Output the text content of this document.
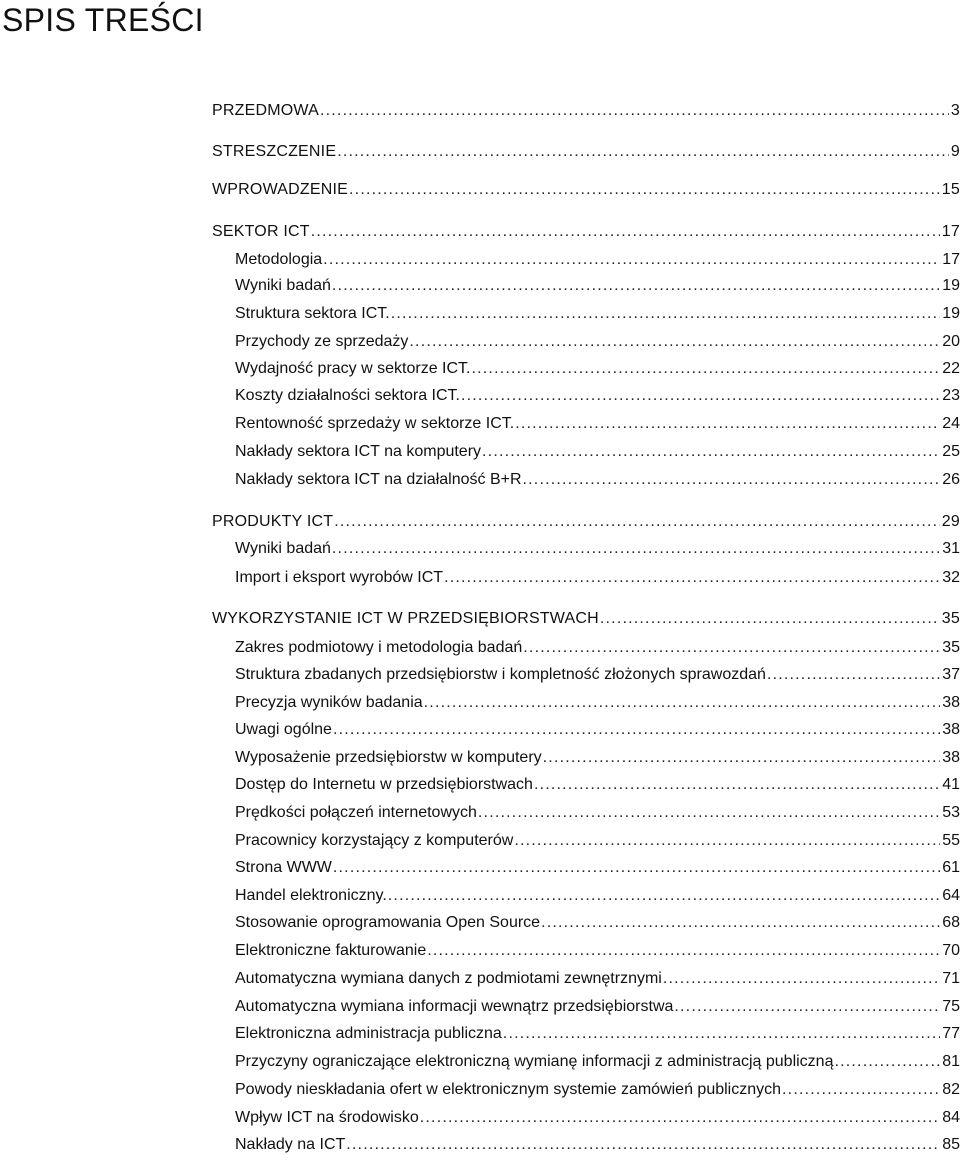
SPIS TREŚCI
PRZEDMOWA .....	3
STRESZCZENIE .....	9
WPROWADZENIE .....	15
SEKTOR ICT .....	17
Metodologia .....	17
Wyniki badań .....	19
Struktura sektora ICT. .....	19
Przychody ze sprzedaży .....	20
Wydajność pracy w sektorze ICT. .....	22
Koszty działalności sektora ICT. .....	23
Rentowność sprzedaży w sektorze ICT. .....	24
Nakłady sektora ICT na komputery .....	25
Nakłady sektora ICT na działalność B+R .....	26
PRODUKTY ICT .....	29
Wyniki badań .....	31
Import i eksport wyrobów ICT .....	32
WYKORZYSTANIE ICT W PRZEDSIĘBIORSTWACH .....	35
Zakres podmiotowy i metodologia badań .....	35
Struktura zbadanych przedsiębiorstw i kompletność złożonych sprawozdań .....	37
Precyzja wyników badania .....	38
Uwagi ogólne .....	38
Wyposażenie przedsiębiorstw w komputery .....	38
Dostęp do Internetu w przedsiębiorstwach .....	41
Prędkości połączeń internetowych .....	53
Pracownicy korzystający z komputerów .....	55
Strona WWW .....	61
Handel elektroniczny. .....	64
Stosowanie oprogramowania Open Source .....	68
Elektroniczne fakturowanie .....	70
Automatyczna wymiana danych z podmiotami zewnętrznymi .....	71
Automatyczna wymiana informacji wewnątrz przedsiębiorstwa .....	75
Elektroniczna administracja publiczna .....	77
Przyczyny ograniczające elektroniczną wymianę informacji z administracją publiczną .....	81
Powody nieskładania ofert w elektronicznym systemie zamówień publicznych .....	82
Wpływ ICT na środowisko .....	84
Nakłady na ICT .....	85
